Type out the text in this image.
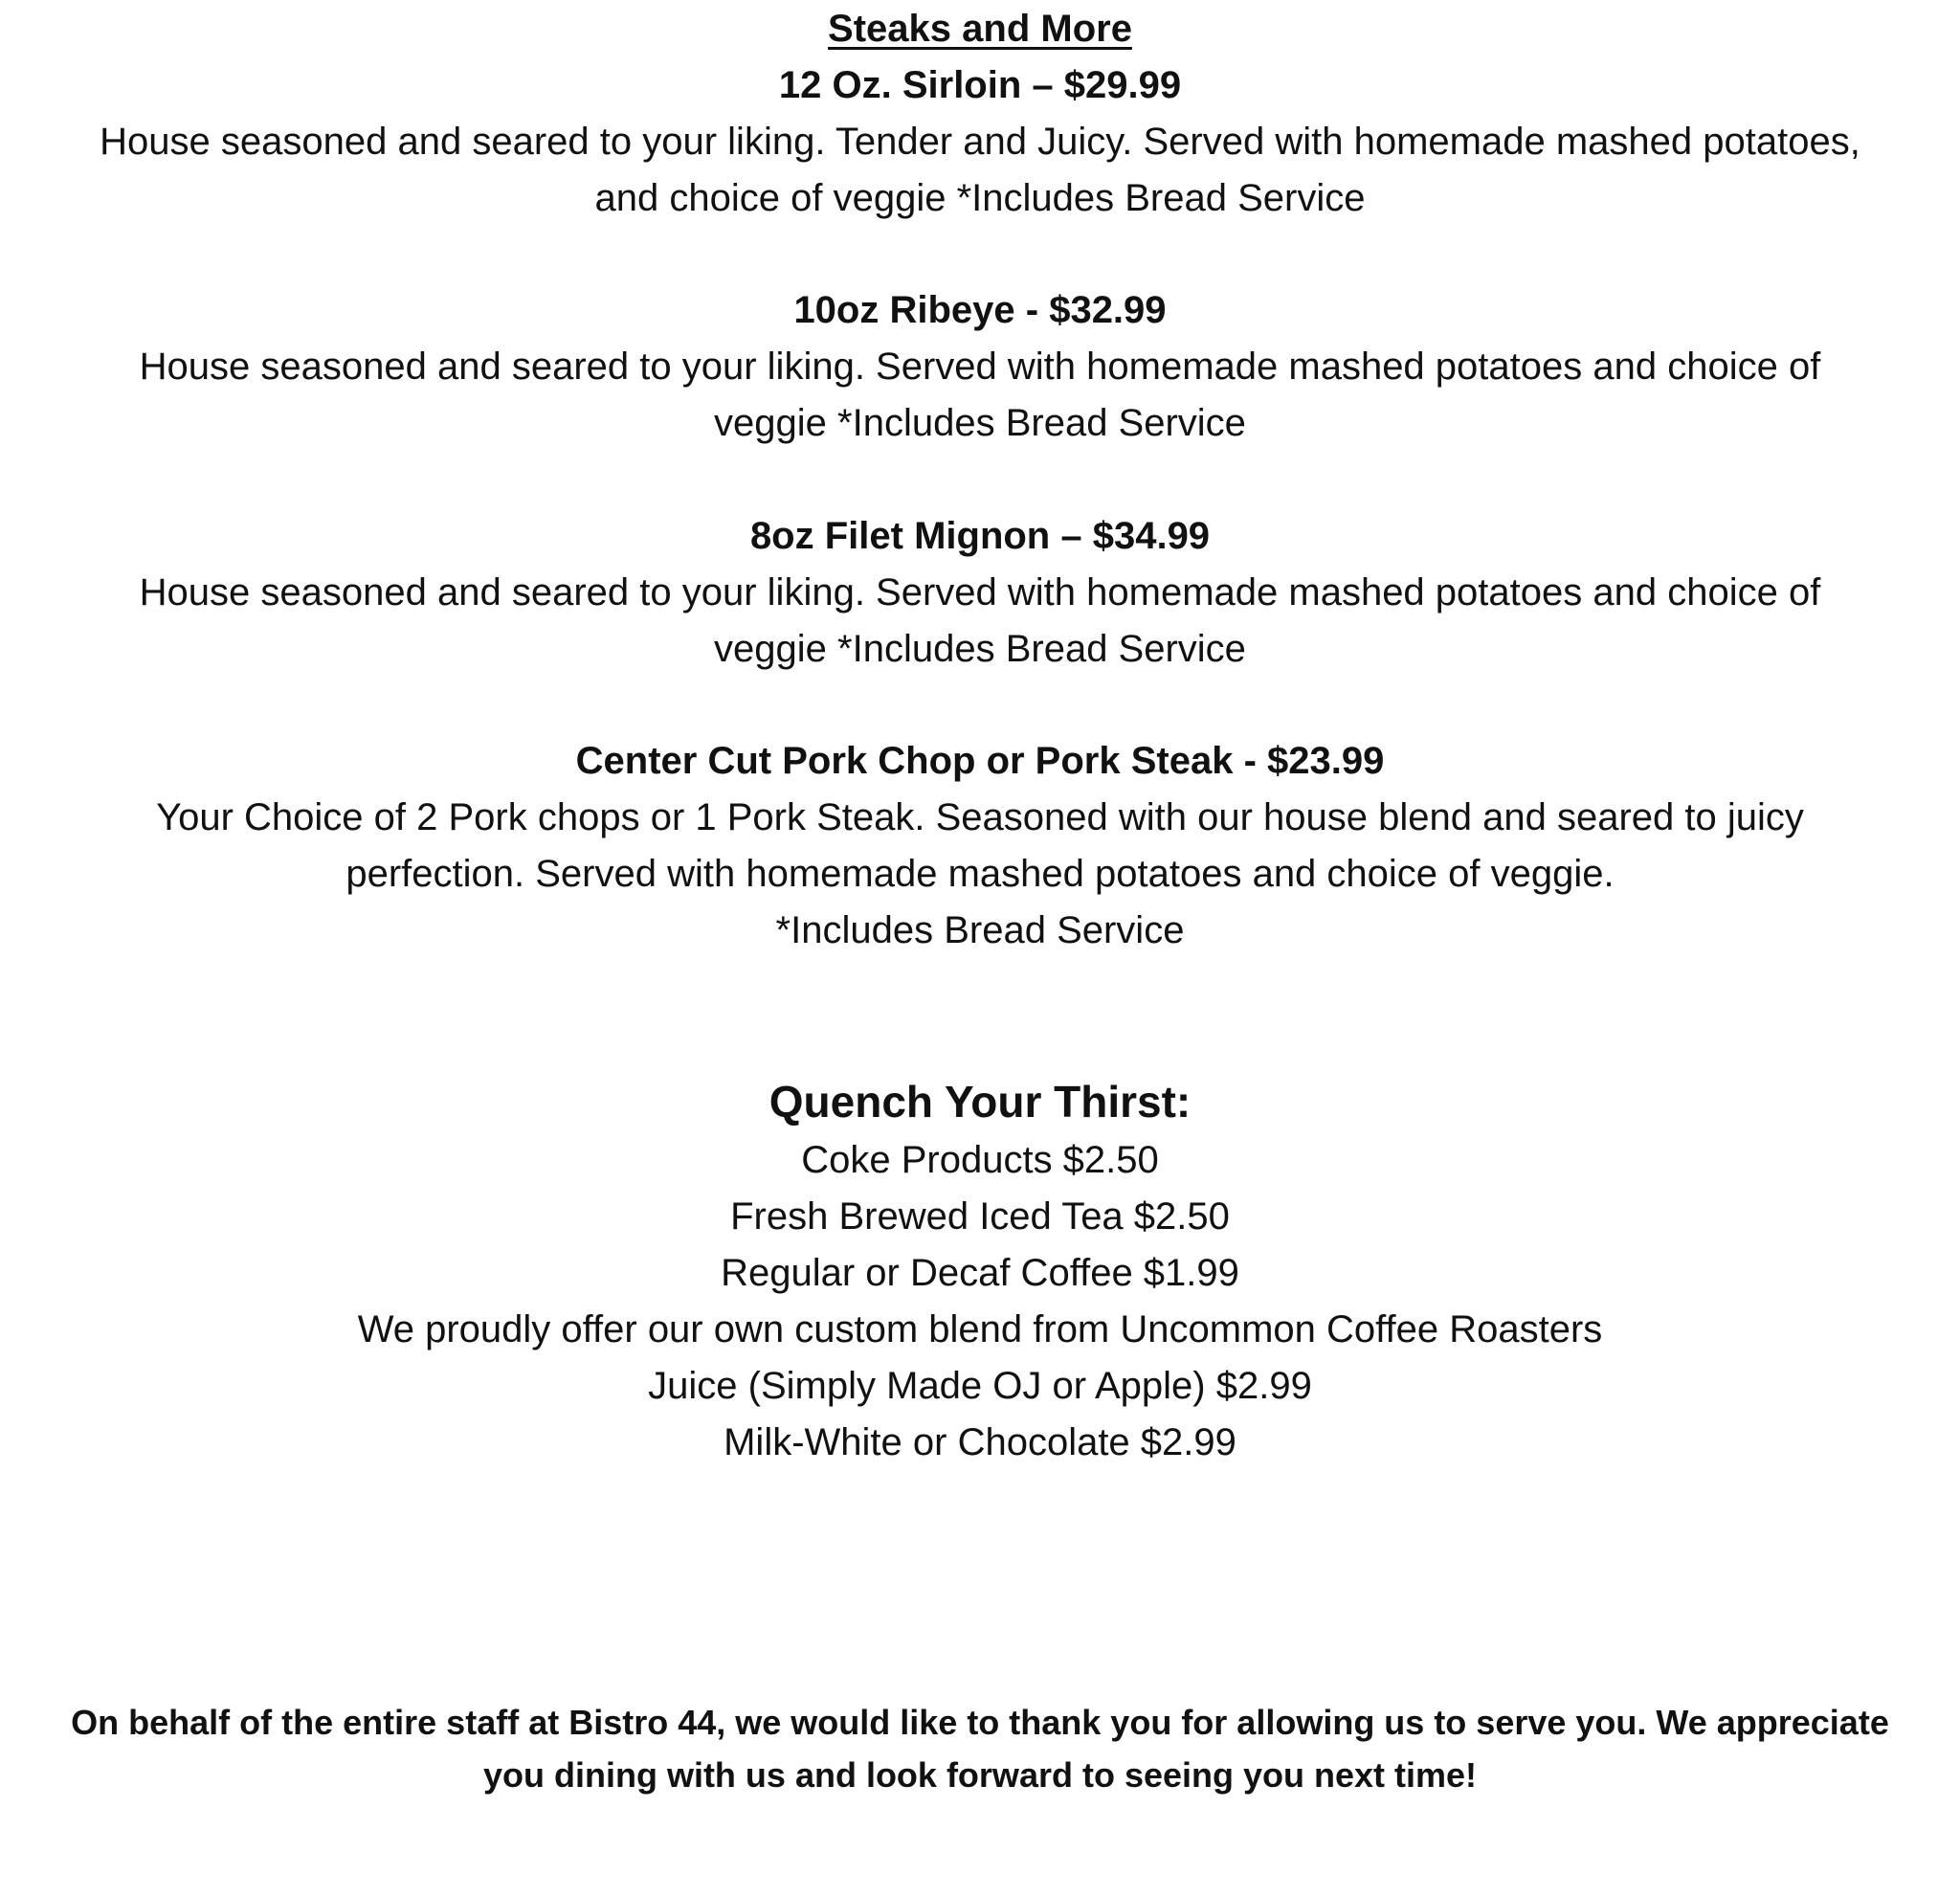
Steaks and More
12 Oz. Sirloin – $29.99
House seasoned and seared to your liking. Tender and Juicy. Served with homemade mashed potatoes,
and choice of veggie *Includes Bread Service
10oz Ribeye - $32.99
House seasoned and seared to your liking. Served with homemade mashed potatoes and choice of
veggie *Includes Bread Service
8oz Filet Mignon – $34.99
House seasoned and seared to your liking. Served with homemade mashed potatoes and choice of
veggie *Includes Bread Service
Center Cut Pork Chop or Pork Steak - $23.99
Your Choice of 2 Pork chops or 1 Pork Steak. Seasoned with our house blend and seared to juicy
perfection. Served with homemade mashed potatoes and choice of veggie.
*Includes Bread Service
Quench Your Thirst:
Coke Products $2.50
Fresh Brewed Iced Tea $2.50
Regular or Decaf Coffee $1.99
We proudly offer our own custom blend from Uncommon Coffee Roasters
Juice (Simply Made OJ or Apple) $2.99
Milk-White or Chocolate $2.99
On behalf of the entire staff at Bistro 44, we would like to thank you for allowing us to serve you. We appreciate
you dining with us and look forward to seeing you next time!
